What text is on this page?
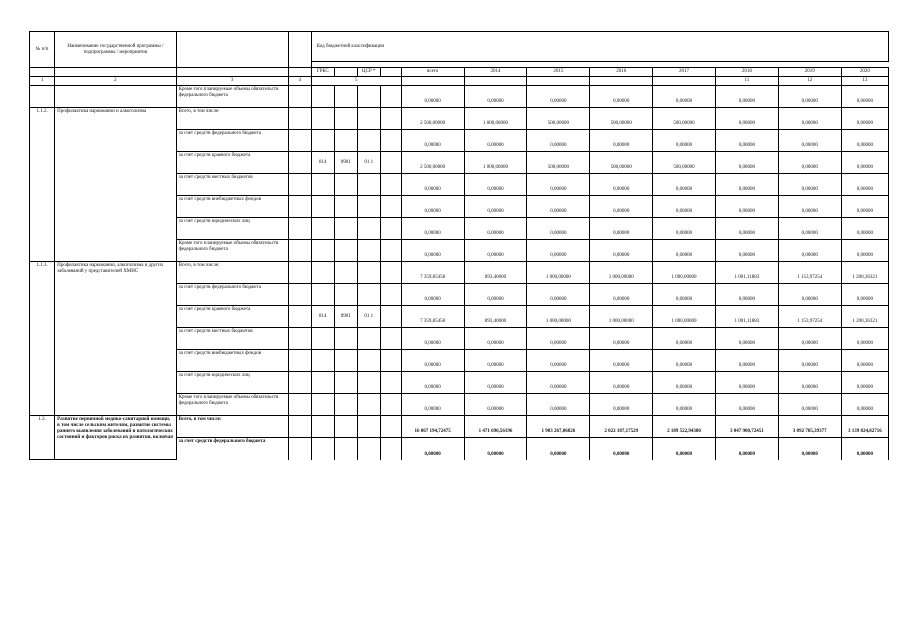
№ п/п	Наименование государственной программы / подпрограммы / мероприятия			Код бюджетной классификации											

				ГРБС		ЦСР *		всего	2014	2015	2016	2017	2018	2019	2020
1	2	3	4	5									11	12	13
		Кроме того планируемые объемы обязательств федерального бюджета						0,00000	0,00000	0,00000	0,00000	0,00000	0,00000	0,00000	0,00000
1.1.2.	Профилактика наркомании и алкоголизма	Всего, в том числе:						2 500,00000	1 000,00000	500,00000	500,00000	500,00000	0,00000	0,00000	0,00000
		за счет средств федерального бюджета						0,00000	0,00000	0,00000	0,00000	0,00000	0,00000	0,00000	0,00000
		за счет средств краевого бюджета		814	0901	01 1		2 500,00000	1 000,00000	500,00000	500,00000	500,00000	0,00000	0,00000	0,00000
		за счет средств местных бюджетов						0,00000	0,00000	0,00000	0,00000	0,00000	0,00000	0,00000	0,00000
		за счет средств внебюджетных фондов						0,00000	0,00000	0,00000	0,00000	0,00000	0,00000	0,00000	0,00000
		за счет средств юридических лиц						0,00000	0,00000	0,00000	0,00000	0,00000	0,00000	0,00000	0,00000
		Кроме того планируемые объемы обязательств федерального бюджета						0,00000	0,00000	0,00000	0,00000	0,00000	0,00000	0,00000	0,00000
1.1.3.	Профилактика наркомании, алкоголизма и других заболеваний у представителей ХМНС	Всего, в том числе:						7 359,85458	893,40000	1 000,00000	1 000,00000	1 000,00000	1 001,11883	1 153,97254	1 200,36321
		за счет средств федерального бюджета						0,00000	0,00000	0,00000	0,00000	0,00000	0,00000	0,00000	0,00000
		за счет средств краевого бюджета		814	0901	01 1		7 359,85458	893,40000	1 000,00000	1 000,00000	1 000,00000	1 001,11883	1 153,97254	1 200,36321
		за счет средств местных бюджетов						0,00000	0,00000	0,00000	0,00000	0,00000	0,00000	0,00000	0,00000
		за счет средств внебюджетных фондов						0,00000	0,00000	0,00000	0,00000	0,00000	0,00000	0,00000	0,00000
		за счет средств юридических лиц						0,00000	0,00000	0,00000	0,00000	0,00000	0,00000	0,00000	0,00000
		Кроме того планируемые объемы обязательств федерального бюджета						0,00000	0,00000	0,00000	0,00000	0,00000	0,00000	0,00000	0,00000
1.2.	Развитие первичной медико-санитарной помощи, в том числе сельским жителям, развитие системы раннего выявления заболеваний и патологических состояний и факторов риска их развития, включая	Всего, в том числе:						16 867 194,72475	1 471 696,56196	1 903 267,06826	2 022 187,17529	2 189 522,94380	3 047 900,72451	3 092 785,39377	3 139 824,82716
		за счет средств федерального бюджета						0,00000	0,00000	0,00000	0,00000	0,00000	0,00000	0,00000	0,00000
